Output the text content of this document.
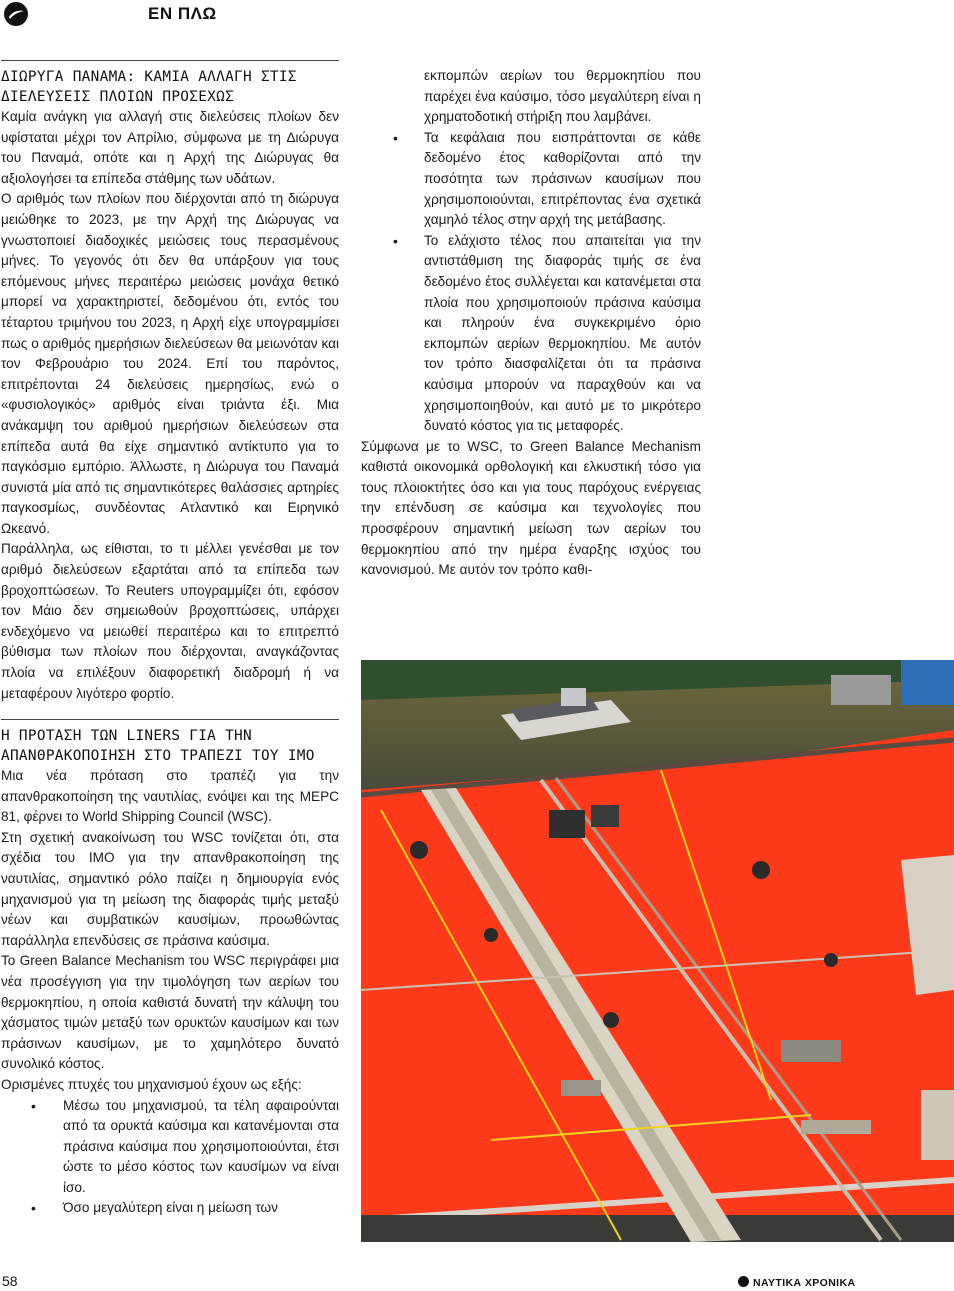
ΕΝ ΠΛΩ
ΔΙΩΡΥΓΑ ΠΑΝΑΜΑ: ΚΑΜΙΑ ΑΛΛΑΓΗ ΣΤΙΣ ΔΙΕΛΕΥΣΕΙΣ ΠΛΟΙΩΝ ΠΡΟΣΕΧΩΣ

Καμία ανάγκη για αλλαγή στις διελεύσεις πλοίων δεν υφίσταται μέχρι τον Απρίλιο, σύμφωνα με τη Διώρυγα του Παναμά, οπότε και η Αρχή της Διώρυγας θα αξιολογήσει τα επίπεδα στάθμης των υδάτων.

Ο αριθμός των πλοίων που διέρχονται από τη διώρυγα μειώθηκε το 2023, με την Αρχή της Διώρυγας να γνωστοποιεί διαδοχικές μειώσεις τους περασμένους μήνες. Το γεγονός ότι δεν θα υπάρξουν για τους επόμενους μήνες περαιτέρω μειώσεις μονάχα θετικό μπορεί να χαρακτηριστεί, δεδομένου ότι, εντός του τέταρτου τριμήνου του 2023, η Αρχή είχε υπογραμμίσει πως ο αριθμός ημερήσιων διελεύσεων θα μειωνόταν και τον Φεβρουάριο του 2024. Επί του παρόντος, επιτρέπονται 24 διελεύσεις ημερησίως, ενώ ο «φυσιολογικός» αριθμός είναι τριάντα έξι. Μια ανάκαμψη του αριθμού ημερήσιων διελεύσεων στα επίπεδα αυτά θα είχε σημαντικό αντίκτυπο για το παγκόσμιο εμπόριο. Άλλωστε, η Διώρυγα του Παναμά συνιστά μία από τις σημαντικότερες θαλάσσιες αρτηρίες παγκοσμίως, συνδέοντας Ατλαντικό και Ειρηνικό Ωκεανό.

Παράλληλα, ως είθισται, το τι μέλλει γενέσθαι με τον αριθμό διελεύσεων εξαρτάται από τα επίπεδα των βροχοπτώσεων. Το Reuters υπογραμμίζει ότι, εφόσον τον Μάιο δεν σημειωθούν βροχοπτώσεις, υπάρχει ενδεχόμενο να μειωθεί περαιτέρω και το επιτρεπτό βύθισμα των πλοίων που διέρχονται, αναγκάζοντας πλοία να επιλέξουν διαφορετική διαδρομή ή να μεταφέρουν λιγότερο φορτίο.

Η ΠΡΟΤΑΣΗ ΤΩΝ LINERS ΓΙΑ ΤΗΝ ΑΠΑΝΘΡΑΚΟΠΟΙΗΣΗ ΣΤΟ ΤΡΑΠΕΖΙ ΤΟΥ ΙΜΟ

Μια νέα πρόταση στο τραπέζι για την απανθρακοποίηση της ναυτιλίας, ενόψει και της MEPC 81, φέρνει το World Shipping Council (WSC).

Στη σχετική ανακοίνωση του WSC τονίζεται ότι, στα σχέδια του ΙΜΟ για την απανθρακοποίηση της ναυτιλίας, σημαντικό ρόλο παίζει η δημιουργία ενός μηχανισμού για τη μείωση της διαφοράς τιμής μεταξύ νέων και συμβατικών καυσίμων, προωθώντας παράλληλα επενδύσεις σε πράσινα καύσιμα.

Το Green Balance Mechanism του WSC περιγράφει μια νέα προσέγγιση για την τιμολόγηση των αερίων του θερμοκηπίου, η οποία καθιστά δυνατή την κάλυψη του χάσματος τιμών μεταξύ των ορυκτών καυσίμων και των πράσινων καυσίμων, με το χαμηλότερο δυνατό συνολικό κόστος.

Ορισμένες πτυχές του μηχανισμού έχουν ως εξής:

• Μέσω του μηχανισμού, τα τέλη αφαιρούνται από τα ορυκτά καύσιμα και κατανέμονται στα πράσινα καύσιμα που χρησιμοποιούνται, έτσι ώστε το μέσο κόστος των καυσίμων να είναι ίσο.
• Όσο μεγαλύτερη είναι η μείωση των
εκπομπών αερίων του θερμοκηπίου που παρέχει ένα καύσιμο, τόσο μεγαλύτερη είναι η χρηματοδοτική στήριξη που λαμβάνει.
• Τα κεφάλαια που εισπράττονται σε κάθε δεδομένο έτος καθορίζονται από την ποσότητα των πράσινων καυσίμων που χρησιμοποιούνται, επιτρέποντας ένα σχετικά χαμηλό τέλος στην αρχή της μετάβασης.
• Το ελάχιστο τέλος που απαιτείται για την αντιστάθμιση της διαφοράς τιμής σε ένα δεδομένο έτος συλλέγεται και κατανέμεται στα πλοία που χρησιμοποιούν πράσινα καύσιμα και πληρούν ένα συγκεκριμένο όριο εκπομπών αερίων θερμοκηπίου. Με αυτόν τον τρόπο διασφαλίζεται ότι τα πράσινα καύσιμα μπορούν να παραχθούν και να χρησιμοποιηθούν, και αυτό με το μικρότερο δυνατό κόστος για τις μεταφορές.

Σύμφωνα με το WSC, το Green Balance Mechanism καθιστά οικονομικά ορθολογική και ελκυστική τόσο για τους πλοιοκτήτες όσο και για τους παρόχους ενέργειας την επένδυση σε καύσιμα και τεχνολογίες που προσφέρουν σημαντική μείωση των αερίων του θερμοκηπίου από την ημέρα έναρξης ισχύος του κανονισμού. Με αυτόν τον τρόπο καθι-

58	ΝΑΥΤΙΚΑ ΧΡΟΝΙΚΑ
